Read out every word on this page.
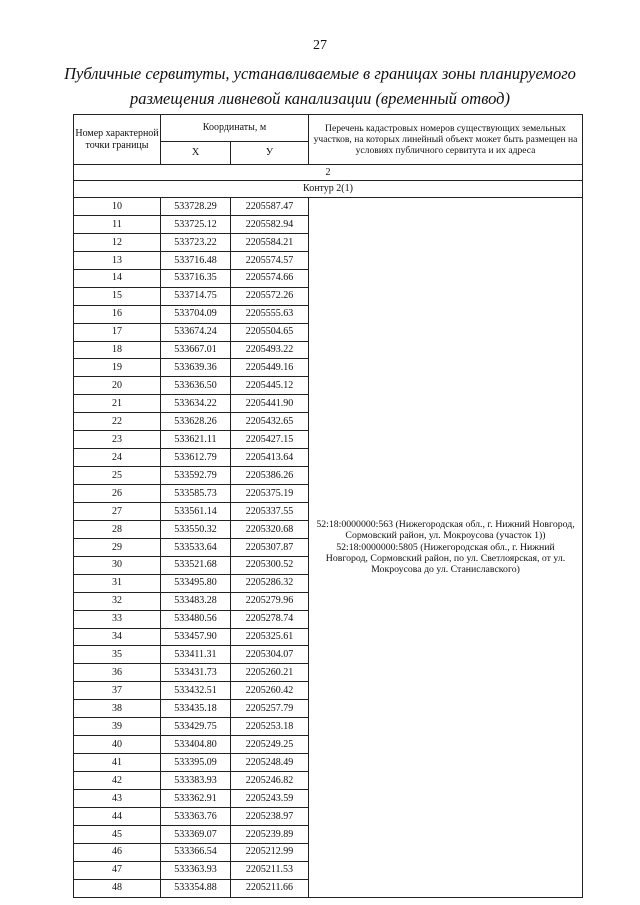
27
Публичные сервитуты, устанавливаемые в границах зоны планируемого
размещения ливневой канализации (временный отвод)
Номер характерной точки границы	Координаты, м		Перечень кадастровых номеров существующих земельных участков, на которых линейный объект может быть размещен на условиях публичного сервитута и их адреса
	X	У	
2			
Контур 2(1)			
10	533728.29	2205587.47	52:18:0000000:563 (Нижегородская обл., г. Нижний Новгород, Сормовский район, ул. Мокроусова (участок 1)) 52:18:0000000:5805 (Нижегородская обл., г. Нижний Новгород, Сормовский район, по ул. Светлоярская, от ул. Мокроусова до ул. Станиславского)
11	533725.12	2205582.94	
12	533723.22	2205584.21	
13	533716.48	2205574.57	
14	533716.35	2205574.66	
15	533714.75	2205572.26	
16	533704.09	2205555.63	
17	533674.24	2205504.65	
18	533667.01	2205493.22	
19	533639.36	2205449.16	
20	533636.50	2205445.12	
21	533634.22	2205441.90	
22	533628.26	2205432.65	
23	533621.11	2205427.15	
24	533612.79	2205413.64	
25	533592.79	2205386.26	
26	533585.73	2205375.19	
27	533561.14	2205337.55	
28	533550.32	2205320.68	
29	533533.64	2205307.87	
30	533521.68	2205300.52	
31	533495.80	2205286.32	
32	533483.28	2205279.96	
33	533480.56	2205278.74	
34	533457.90	2205325.61	
35	533411.31	2205304.07	
36	533431.73	2205260.21	
37	533432.51	2205260.42	
38	533435.18	2205257.79	
39	533429.75	2205253.18	
40	533404.80	2205249.25	
41	533395.09	2205248.49	
42	533383.93	2205246.82	
43	533362.91	2205243.59	
44	533363.76	2205238.97	
45	533369.07	2205239.89	
46	533366.54	2205212.99	
47	533363.93	2205211.53	
48	533354.88	2205211.66	
